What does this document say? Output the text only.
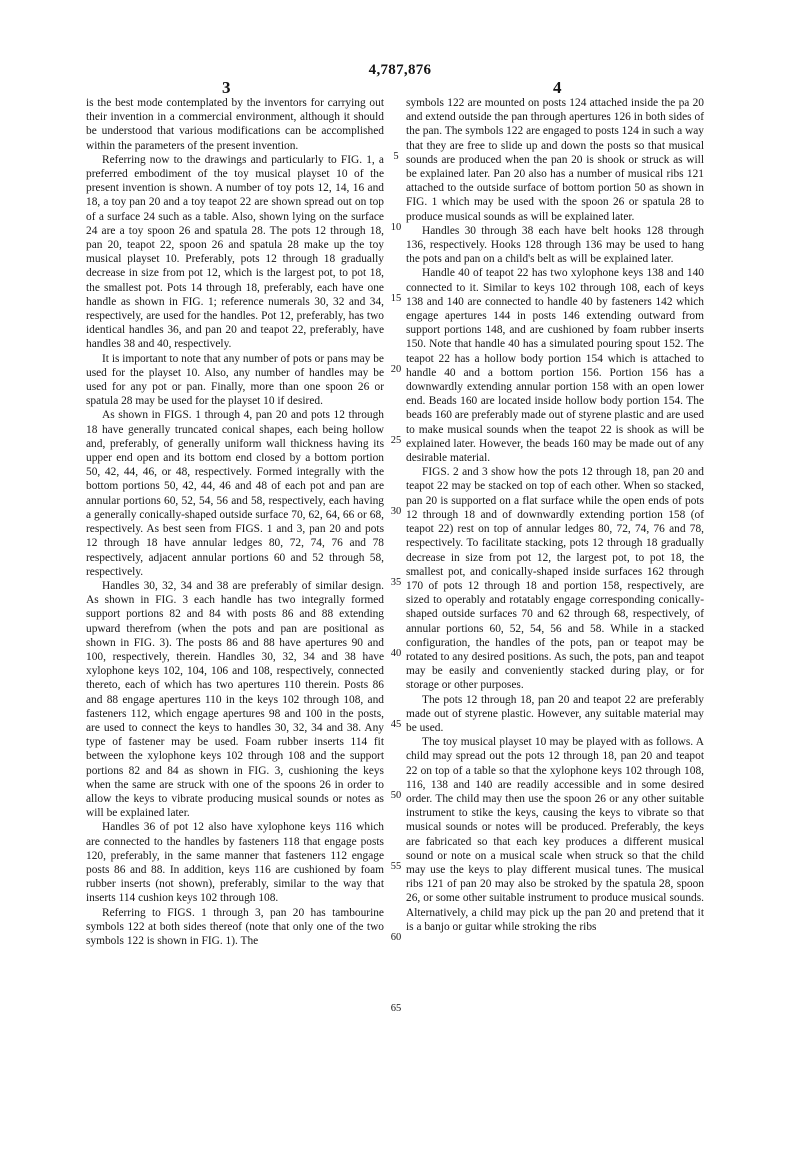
4,787,876
3	4

is the best mode contemplated by the inventors for carrying out their invention in a commercial environment, although it should be understood that various modifications can be accomplished within the parameters of the present invention.

Referring now to the drawings and particularly to FIG. 1, a preferred embodiment of the toy musical playset 10 of the present invention is shown. A number of toy pots 12, 14, 16 and 18, a toy pan 20 and a toy teapot 22 are shown spread out on top of a surface 24 such as a table. Also, shown lying on the surface 24 are a toy spoon 26 and spatula 28. The pots 12 through 18, pan 20, teapot 22, spoon 26 and spatula 28 make up the toy musical playset 10. Preferably, pots 12 through 18 gradually decrease in size from pot 12, which is the largest pot, to pot 18, the smallest pot. Pots 14 through 18, preferably, each have one handle as shown in FIG. 1; reference numerals 30, 32 and 34, respectively, are used for the handles. Pot 12, preferably, has two identical handles 36, and pan 20 and teapot 22, preferably, have handles 38 and 40, respectively.

It is important to note that any number of pots or pans may be used for the playset 10. Also, any number of handles may be used for any pot or pan. Finally, more than one spoon 26 or spatula 28 may be used for the playset 10 if desired.

As shown in FIGS. 1 through 4, pan 20 and pots 12 through 18 have generally truncated conical shapes, each being hollow and, preferably, of generally uniform wall thickness having its upper end open and its bottom end closed by a bottom portion 50, 42, 44, 46, or 48, respectively. Formed integrally with the bottom portions 50, 42, 44, 46 and 48 of each pot and pan are annular portions 60, 52, 54, 56 and 58, respectively, each having a generally conically-shaped outside surface 70, 62, 64, 66 or 68, respectively. As best seen from FIGS. 1 and 3, pan 20 and pots 12 through 18 have annular ledges 80, 72, 74, 76 and 78 respectively, adjacent annular portions 60 and 52 through 58, respectively.

Handles 30, 32, 34 and 38 are preferably of similar design. As shown in FIG. 3 each handle has two integrally formed support portions 82 and 84 with posts 86 and 88 extending upward therefrom (when the pots and pan are positional as shown in FIG. 3). The posts 86 and 88 have apertures 90 and 100, respectively, therein. Handles 30, 32, 34 and 38 have xylophone keys 102, 104, 106 and 108, respectively, connected thereto, each of which has two apertures 110 therein. Posts 86 and 88 engage apertures 110 in the keys 102 through 108, and fasteners 112, which engage apertures 98 and 100 in the posts, are used to connect the keys to handles 30, 32, 34 and 38. Any type of fastener may be used. Foam rubber inserts 114 fit between the xylophone keys 102 through 108 and the support portions 82 and 84 as shown in FIG. 3, cushioning the keys when the same are struck with one of the spoons 26 in order to allow the keys to vibrate producing musical sounds or notes as will be explained later.

Handles 36 of pot 12 also have xylophone keys 116 which are connected to the handles by fasteners 118 that engage posts 120, preferably, in the same manner that fasteners 112 engage posts 86 and 88. In addition, keys 116 are cushioned by foam rubber inserts (not shown), preferably, similar to the way that inserts 114 cushion keys 102 through 108.

Referring to FIGS. 1 through 3, pan 20 has tambourine symbols 122 at both sides thereof (note that only one of the two symbols 122 is shown in FIG. 1). The

symbols 122 are mounted on posts 124 attached inside the pa 20 and extend outside the pan through apertures 126 in both sides of the pan. The symbols 122 are engaged to posts 124 in such a way that they are free to slide up and down the posts so that musical sounds are produced when the pan 20 is shook or struck as will be explained later. Pan 20 also has a number of musical ribs 121 attached to the outside surface of bottom portion 50 as shown in FIG. 1 which may be used with the spoon 26 or spatula 28 to produce musical sounds as will be explained later.

Handles 30 through 38 each have belt hooks 128 through 136, respectively. Hooks 128 through 136 may be used to hang the pots and pan on a child's belt as will be explained later.

Handle 40 of teapot 22 has two xylophone keys 138 and 140 connected to it. Similar to keys 102 through 108, each of keys 138 and 140 are connected to handle 40 by fasteners 142 which engage apertures 144 in posts 146 extending outward from support portions 148, and are cushioned by foam rubber inserts 150. Note that handle 40 has a simulated pouring spout 152. The teapot 22 has a hollow body portion 154 which is attached to handle 40 and a bottom portion 156. Portion 156 has a downwardly extending annular portion 158 with an open lower end. Beads 160 are located inside hollow body portion 154. The beads 160 are preferably made out of styrene plastic and are used to make musical sounds when the teapot 22 is shook as will be explained later. However, the beads 160 may be made out of any desirable material.

FIGS. 2 and 3 show how the pots 12 through 18, pan 20 and teapot 22 may be stacked on top of each other. When so stacked, pan 20 is supported on a flat surface while the open ends of pots 12 through 18 and of downwardly extending portion 158 (of teapot 22) rest on top of annular ledges 80, 72, 74, 76 and 78, respectively. To facilitate stacking, pots 12 through 18 gradually decrease in size from pot 12, the largest pot, to pot 18, the smallest pot, and conically-shaped inside surfaces 162 through 170 of pots 12 through 18 and portion 158, respectively, are sized to operably and rotatably engage corresponding conically-shaped outside surfaces 70 and 62 through 68, respectively, of annular portions 60, 52, 54, 56 and 58. While in a stacked configuration, the handles of the pots, pan or teapot may be rotated to any desired positions. As such, the pots, pan and teapot may be easily and conveniently stacked during play, or for storage or other purposes.

The pots 12 through 18, pan 20 and teapot 22 are preferably made out of styrene plastic. However, any suitable material may be used.

The toy musical playset 10 may be played with as follows. A child may spread out the pots 12 through 18, pan 20 and teapot 22 on top of a table so that the xylophone keys 102 through 108, 116, 138 and 140 are readily accessible and in some desired order. The child may then use the spoon 26 or any other suitable instrument to stike the keys, causing the keys to vibrate so that musical sounds or notes will be produced. Preferably, the keys are fabricated so that each key produces a different musical sound or note on a musical scale when struck so that the child may use the keys to play different musical tunes. The musical ribs 121 of pan 20 may also be stroked by the spatula 28, spoon 26, or some other suitable instrument to produce musical sounds. Alternatively, a child may pick up the pan 20 and pretend that it is a banjo or guitar while stroking the ribs

5
10
15
20
25
30
35
40
45
50
55
60
65
